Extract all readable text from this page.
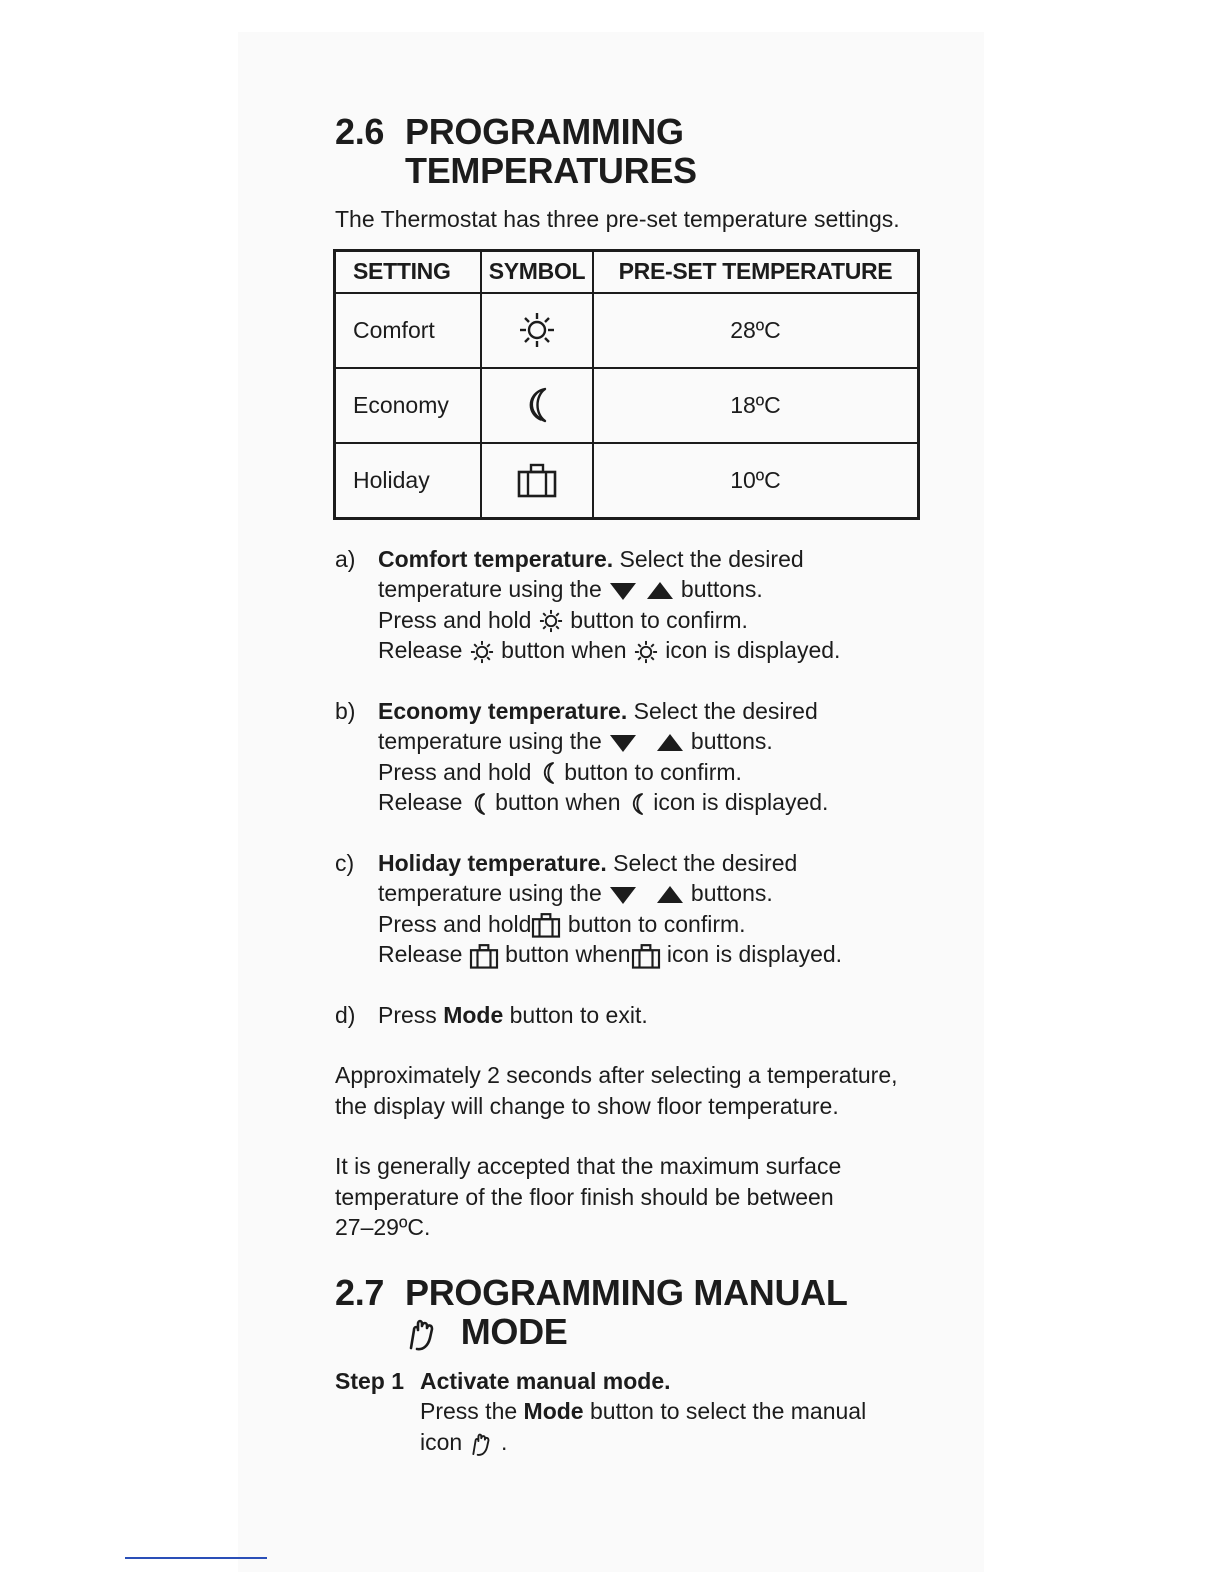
2.6 PROGRAMMING
TEMPERATURES

The Thermostat has three pre-set temperature settings.

SETTING	SYMBOL	PRE-SET TEMPERATURE
Comfort		28ºC
Economy		18ºC
Holiday		10ºC
a) Comfort temperature. Select the desired

temperature using the
	buttons.

Press and hold button to confirm.

Release button when icon is displayed.

b) Economy temperature. Select the desired

temperature using the
	buttons.

Press and hold button to confirm.

Release button when icon is displayed.

c)	Holiday temperature. Select the desired

temperature using the
	buttons.

Press and hold button to confirm.

Release button when icon is displayed.

d) Press Mode button to exit.

Approximately 2 seconds after selecting a temperature,

the display will change to show floor temperature.

It is generally accepted that the maximum surface

temperature of the floor finish should be between

27–29ºC.

2.7 PROGRAMMING MANUAL
MODE
Step 1 Activate manual mode.

Press the Mode button to select the manual

icon .
